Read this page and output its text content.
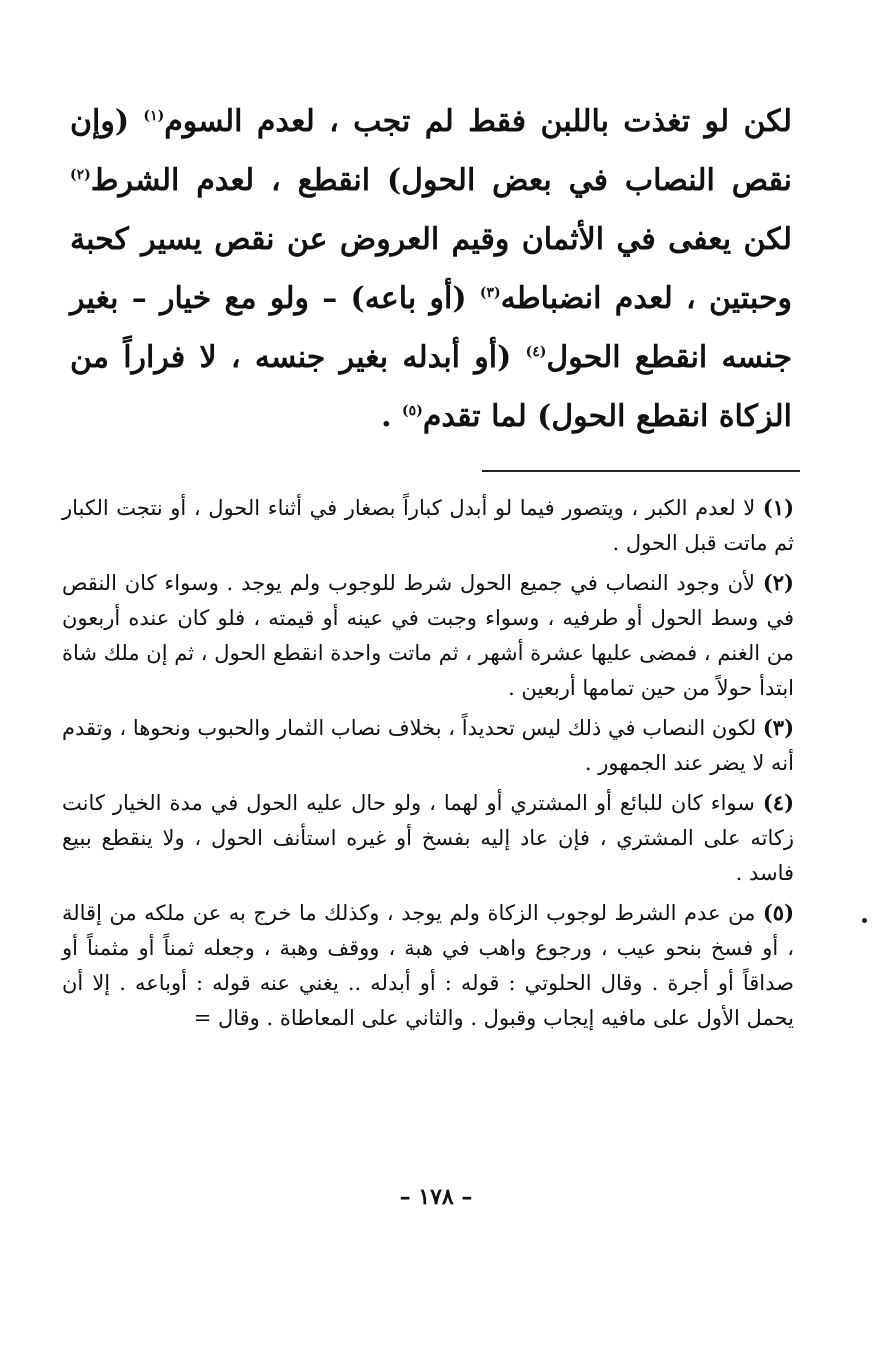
لكن لو تغذت باللبن فقط لم تجب ، لعدم السوم$^{(١)}$ (وإن نقص النصاب في بعض الحول) انقطع ، لعدم الشرط$^{(٢)}$ لكن يعفى في الأثمان وقيم العروض عن نقص يسير كحبة وحبتين ، لعدم انضباطه$^{(٣)}$ (أو باعه) – ولو مع خيار – بغير جنسه انقطع الحول$^{(٤)}$ (أو أبدله بغير جنسه ، لا فراراً من الزكاة انقطع الحول) لما تقدم$^{(٥)}$ .
(١) لا لعدم الكبر ، ويتصور فيما لو أبدل كباراً بصغار في أثناء الحول ، أو نتجت الكبار ثم ماتت قبل الحول .
(٢) لأن وجود النصاب في جميع الحول شرط للوجوب ولم يوجد . وسواء كان النقص في وسط الحول أو طرفيه ، وسواء وجبت في عينه أو قيمته ، فلو كان عنده أربعون من الغنم ، فمضى عليها عشرة أشهر ، ثم ماتت واحدة انقطع الحول ، ثم إن ملك شاة ابتدأ حولاً من حين تمامها أربعين .
(٣) لكون النصاب في ذلك ليس تحديداً ، بخلاف نصاب الثمار والحبوب ونحوها ، وتقدم أنه لا يضر عند الجمهور .
(٤) سواء كان للبائع أو المشتري أو لهما ، ولو حال عليه الحول في مدة الخيار كانت زكاته على المشتري ، فإن عاد إليه بفسخ أو غيره استأنف الحول ، ولا ينقطع ببيع فاسد .
(٥) من عدم الشرط لوجوب الزكاة ولم يوجد ، وكذلك ما خرج به عن ملكه من إقالة ، أو فسخ بنحو عيب ، ورجوع واهب في هبة ، ووقف وهبة ، وجعله ثمناً أو مثمناً أو صداقاً أو أجرة . وقال الحلوتي : قوله : أو أبدله .. يغني عنه قوله : أوباعه . إلا أن يحمل الأول على مافيه إيجاب وقبول . والثاني على المعاطاة . وقال =
– ١٧٨ –
